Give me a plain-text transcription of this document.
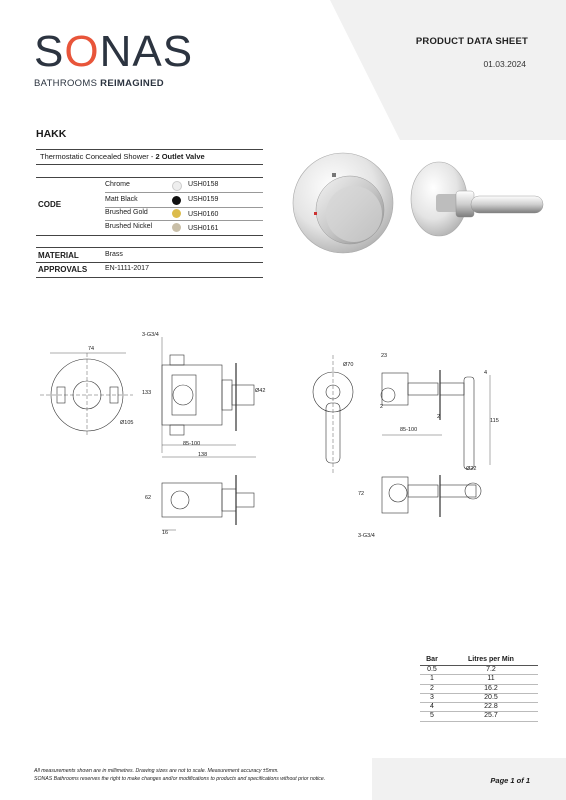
SONAS
BATHROOMS REIMAGINED
PRODUCT DATA SHEET
01.03.2024
HAKK
Thermostatic Concealed Shower - 2 Outlet Valve
CODE
Chrome	USH0158
Matt Black	USH0159
Brushed Gold	USH0160
Brushed Nickel	USH0161
MATERIAL	Brass
APPROVALS	EN-1111-2017
74
3-G3/4
133	Ø42
Ø105
85-100
138
62
16
23
Ø70
4
85-100
2
2
115
Ø22
72
3-G3/4
Bar	Litres per Min
0.5	7.2
1	11
2	16.2
3	20.5
4	22.8
5	25.7
All measurements shown are in millimetres. Drawing sizes are not to scale. Measurement accuracy ±5mm.
SONAS Bathrooms reserves the right to make changes and/or modifications to products and specifications without prior notice.	Page 1 of 1
